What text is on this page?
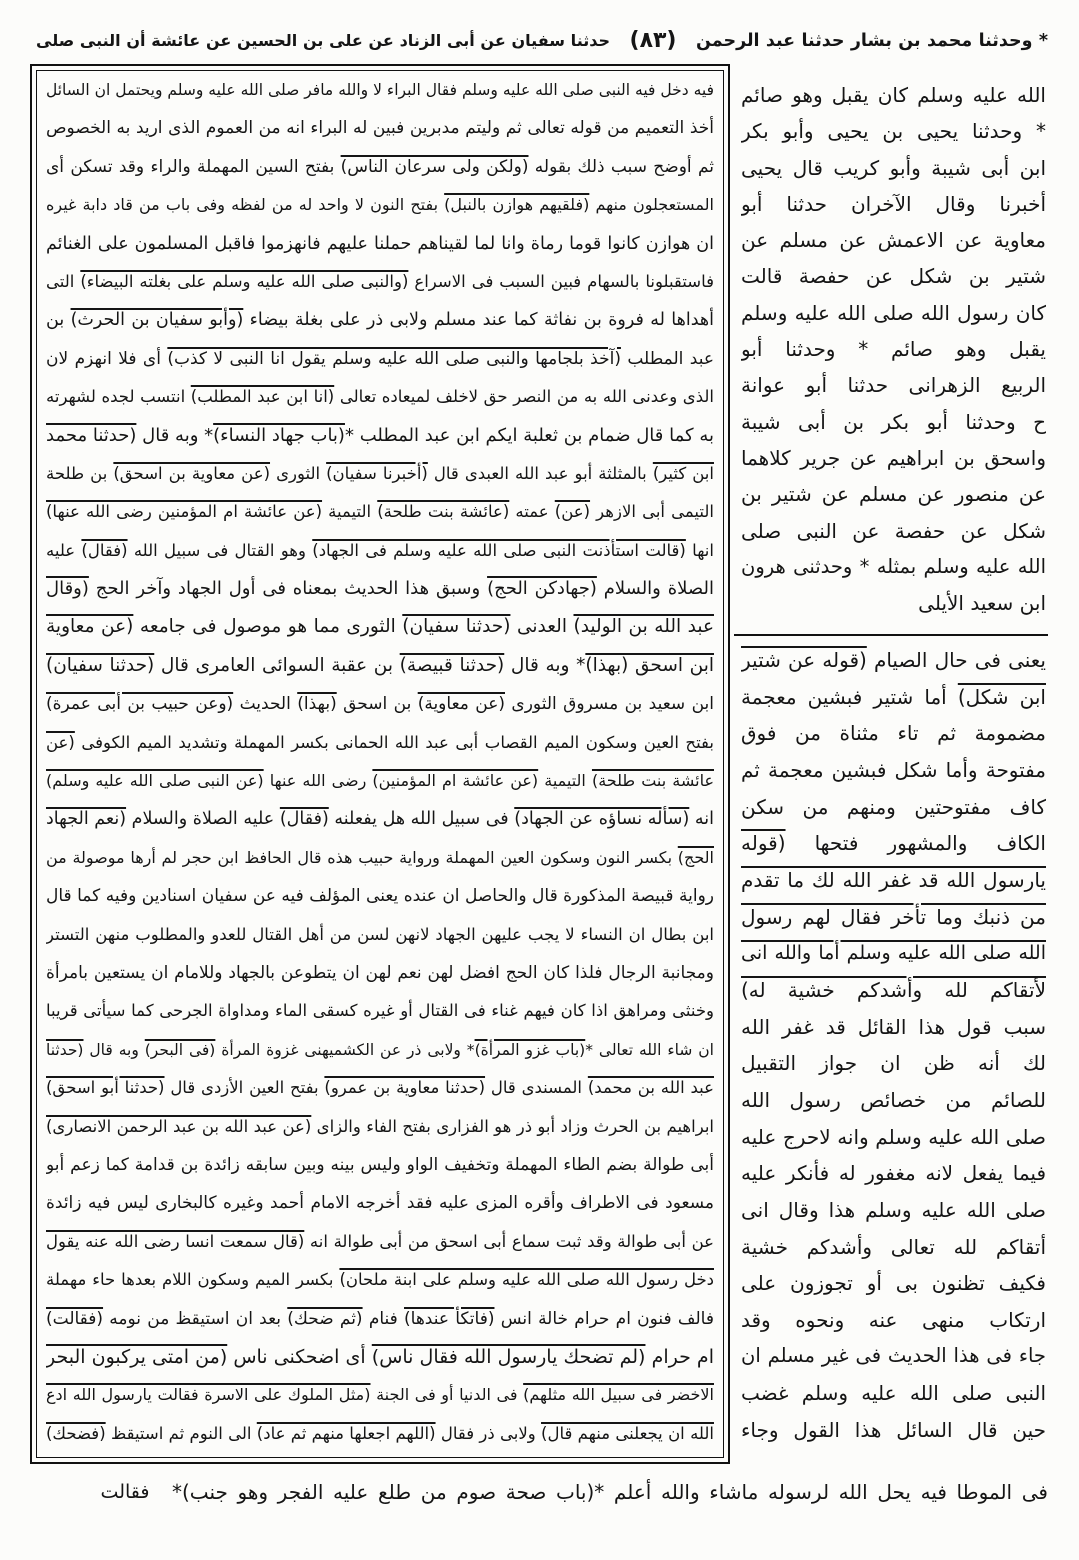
* وحدثنا محمد بن بشار حدثنا عبد الرحمن
(٨٣)
حدثنا سفيان عن أبى الزناد عن على بن الحسين عن عائشة أن النبى صلى
فيه دخل فيه النبى صلى الله عليه وسلم فقال البراء لا والله مافر صلى الله عليه وسلم ويحتمل ان السائل
أخذ التعميم من قوله تعالى ثم وليتم مدبرين فبين له البراء انه من العموم الذى اريد به الخصوص
ثم أوضح سبب ذلك بقوله (ولكن ولى سرعان الناس) بفتح السين المهملة والراء وقد تسكن أى
المستعجلون منهم (فلقيهم هوازن بالنبل) بفتح النون لا واحد له من لفظه وفى باب من قاد دابة غيره
ان هوازن كانوا قوما رماة وانا لما لقيناهم حملنا عليهم فانهزموا فاقبل المسلمون على الغنائم
فاستقبلونا بالسهام فبين السبب فى الاسراع (والنبى صلى الله عليه وسلم على بغلته البيضاء) التى
أهداها له فروة بن نفاثة كما عند مسلم ولابى ذر على بغلة بيضاء (وأبو سفيان بن الحرث) بن
عبد المطلب (آخذ بلجامها والنبى صلى الله عليه وسلم يقول انا النبى لا كذب) أى فلا انهزم لان
الذى وعدنى الله به من النصر حق لاخلف لميعاده تعالى (انا ابن عبد المطلب) انتسب لجده لشهرته
به كما قال ضمام بن ثعلبة ايكم ابن عبد المطلب *(باب جهاد النساء)* وبه قال (حدثنا محمد
ابن كثير) بالمثلثة أبو عبد الله العبدى قال (أخبرنا سفيان) الثورى (عن معاوية بن اسحق) بن طلحة
التيمى أبى الازهر (عن) عمته (عائشة بنت طلحة) التيمية (عن عائشة ام المؤمنين رضى الله عنها)
انها (قالت استأذنت النبى صلى الله عليه وسلم فى الجهاد) وهو القتال فى سبيل الله (فقال) عليه
الصلاة والسلام (جهادكن الحج) وسبق هذا الحديث بمعناه فى أول الجهاد وآخر الحج (وقال
عبد الله بن الوليد) العدنى (حدثنا سفيان) الثورى مما هو موصول فى جامعه (عن معاوية
ابن اسحق (بهذا)* وبه قال (حدثنا قبيصة) بن عقبة السوائى العامرى قال (حدثنا سفيان)
ابن سعيد بن مسروق الثورى (عن معاوية) بن اسحق (بهذا) الحديث (وعن حبيب بن أبى عمرة)
بفتح العين وسكون الميم القصاب أبى عبد الله الحمانى بكسر المهملة وتشديد الميم الكوفى (عن
عائشة بنت طلحة) التيمية (عن عائشة ام المؤمنين) رضى الله عنها (عن النبى صلى الله عليه وسلم)
انه (سأله نساؤه عن الجهاد) فى سبيل الله هل يفعلنه (فقال) عليه الصلاة والسلام (نعم الجهاد
الحج) بكسر النون وسكون العين المهملة ورواية حبيب هذه قال الحافظ ابن حجر لم أرها موصولة من
رواية قبيصة المذكورة قال والحاصل ان عنده يعنى المؤلف فيه عن سفيان اسنادين وفيه كما قال
ابن بطال ان النساء لا يجب عليهن الجهاد لانهن لسن من أهل القتال للعدو والمطلوب منهن التستر
ومجانبة الرجال فلذا كان الحج افضل لهن نعم لهن ان يتطوعن بالجهاد وللامام ان يستعين بامرأة
وخنثى ومراهق اذا كان فيهم غناء فى القتال أو غيره كسقى الماء ومداواة الجرحى كما سيأتى قريبا
ان شاء الله تعالى *(باب غزو المرأة)* ولابى ذر عن الكشميهنى غزوة المرأة (فى البحر) وبه قال (حدثنا
عبد الله بن محمد) المسندى قال (حدثنا معاوية بن عمرو) بفتح العين الأزدى قال (حدثنا أبو اسحق)
ابراهيم بن الحرث وزاد أبو ذر هو الفزارى بفتح الفاء والزاى (عن عبد الله بن عبد الرحمن الانصارى)
أبى طوالة بضم الطاء المهملة وتخفيف الواو وليس بينه وبين سابقه زائدة بن قدامة كما زعم أبو
مسعود فى الاطراف وأقره المزى عليه فقد أخرجه الامام أحمد وغيره كالبخارى ليس فيه زائدة
عن أبى طوالة وقد ثبت سماع أبى اسحق من أبى طوالة انه (قال سمعت انسا رضى الله عنه يقول
دخل رسول الله صلى الله عليه وسلم على ابنة ملحان) بكسر الميم وسكون اللام بعدها حاء مهملة
فالف فنون ام حرام خالة انس (فاتكأ عندها) فنام (ثم ضحك) بعد ان استيقظ من نومه (فقالت)
ام حرام (لم تضحك يارسول الله فقال ناس) أى اضحكنى ناس (من امتى يركبون البحر
الاخضر فى سبيل الله مثلهم) فى الدنيا أو فى الجنة (مثل الملوك على الاسرة فقالت يارسول الله ادع
الله ان يجعلنى منهم قال) ولابى ذر فقال (اللهم اجعلها منهم ثم عاد) الى النوم ثم استيقظ (فضحك)
الله عليه وسلم كان يقبل وهو صائم
* وحدثنا يحيى بن يحيى وأبو بكر
ابن أبى شيبة وأبو كريب قال يحيى
أخبرنا وقال الآخران حدثنا أبو
معاوية عن الاعمش عن مسلم عن
شتير بن شكل عن حفصة قالت
كان رسول الله صلى الله عليه وسلم
يقبل وهو صائم * وحدثنا أبو
الربيع الزهرانى حدثنا أبو عوانة
ح وحدثنا أبو بكر بن أبى شيبة
واسحق بن ابراهيم عن جرير كلاهما
عن منصور عن مسلم عن شتير بن
شكل عن حفصة عن النبى صلى
الله عليه وسلم بمثله * وحدثنى هرون
ابن سعيد الأيلى
يعنى فى حال الصيام (قوله عن شتير
ابن شكل) أما شتير فبشين معجمة
مضمومة ثم تاء مثناة من فوق
مفتوحة وأما شكل فبشين معجمة ثم
كاف مفتوحتين ومنهم من سكن
الكاف والمشهور فتحها (قوله
يارسول الله قد غفر الله لك ما تقدم
من ذنبك وما تأخر فقال لهم رسول
الله صلى الله عليه وسلم أما والله انى
لأتقاكم لله وأشدكم خشية له)
سبب قول هذا القائل قد غفر الله
لك أنه ظن ان جواز التقبيل
للصائم من خصائص رسول الله
صلى الله عليه وسلم وانه لاحرج عليه
فيما يفعل لانه مغفور له فأنكر عليه
صلى الله عليه وسلم هذا وقال انى
أتقاكم لله تعالى وأشدكم خشية
فكيف تظنون بى أو تجوزون على
ارتكاب منهى عنه ونحوه وقد
جاء فى هذا الحديث فى غير مسلم ان
النبى صلى الله عليه وسلم غضب
حين قال السائل هذا القول وجاء
فى الموطا فيه يحل الله لرسوله ماشاء والله أعلم *(باب صحة صوم من طلع عليه الفجر وهو جنب)*
فقالت
